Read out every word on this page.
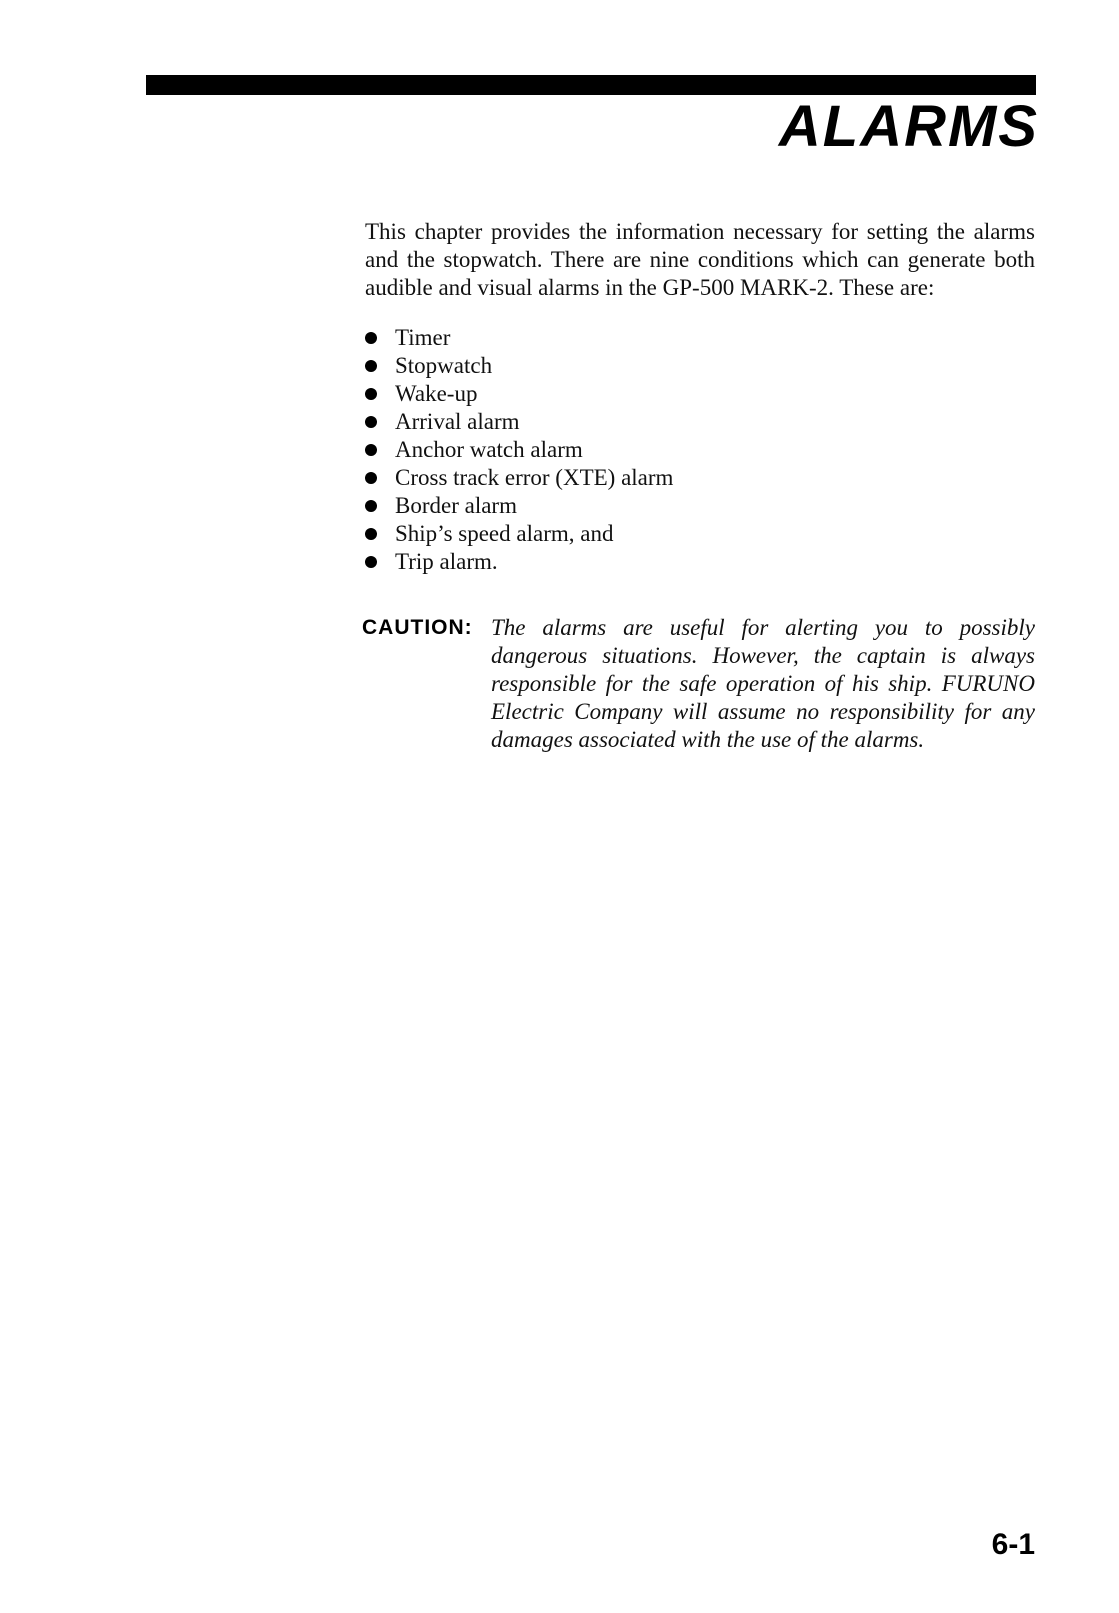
ALARMS

This chapter provides the information necessary for setting the alarms and the stopwatch. There are nine conditions which can generate both audible and visual alarms in the GP-500 MARK-2. These are:

Timer
Stopwatch
Wake-up
Arrival alarm
Anchor watch alarm
Cross track error (XTE) alarm
Border alarm
Ship’s speed alarm, and
Trip alarm.
CAUTION: The alarms are useful for alerting you to possibly dangerous situations. However, the captain is always responsible for the safe operation of his ship. FURUNO Electric Company will assume no responsibility for any damages associated with the use of the alarms.
6-1
